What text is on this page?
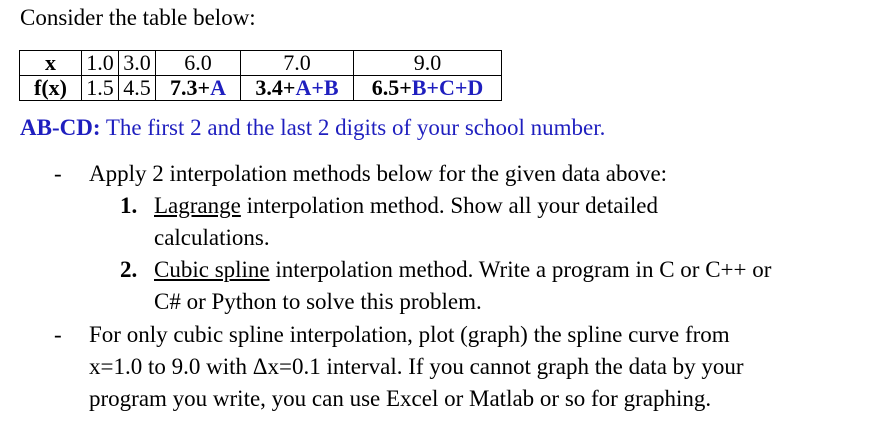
Consider the table below:
x	1.0	3.0	6.0	7.0	9.0
f(x)	1.5	4.5	7.3+A	3.4+A+B	6.5+B+C+D
AB-CD: The first 2 and the last 2 digits of your school number.
- Apply 2 interpolation methods below for the given data above:
1. Lagrange interpolation method. Show all your detailed
calculations.
2. Cubic spline interpolation method. Write a program in C or C++ or
C# or Python to solve this problem.
- For only cubic spline interpolation, plot (graph) the spline curve from
x=1.0 to 9.0 with Δx=0.1 interval. If you cannot graph the data by your
program you write, you can use Excel or Matlab or so for graphing.
